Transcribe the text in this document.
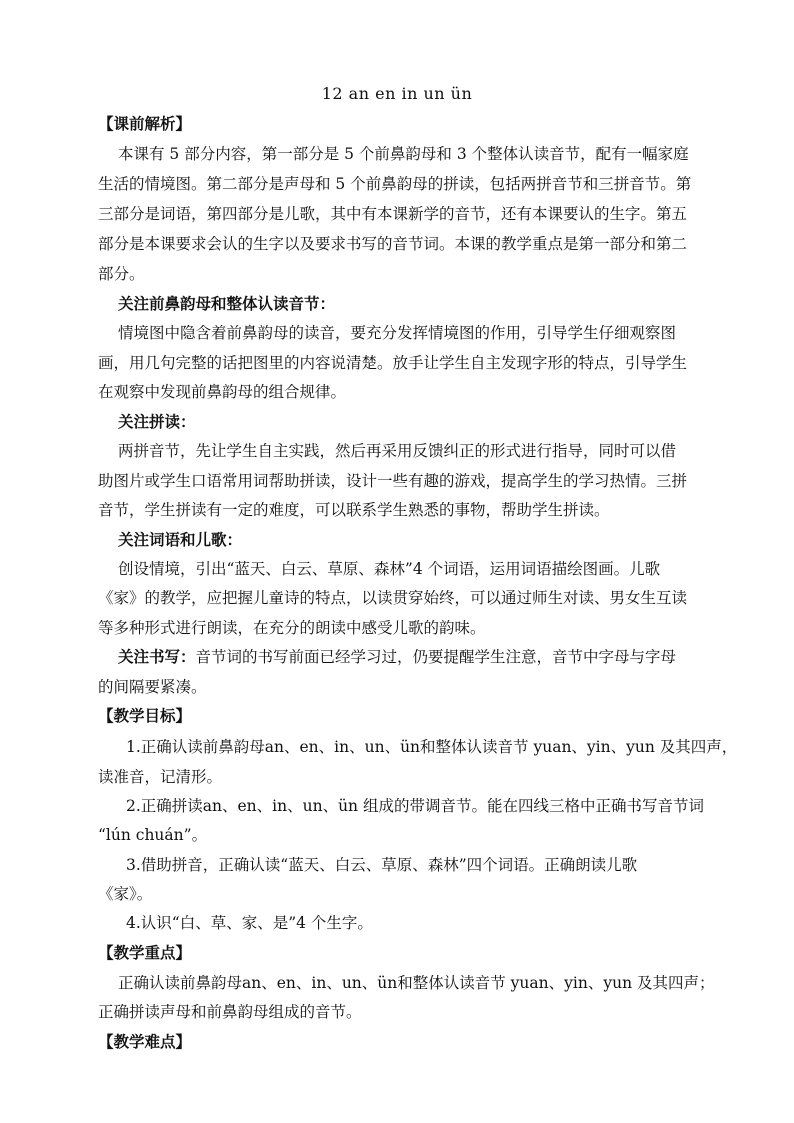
12 an en in un ün
【课前解析】
本课有 5 部分内容，第一部分是 5 个前鼻韵母和 3 个整体认读音节，配有一幅家庭
生活的情境图。第二部分是声母和 5 个前鼻韵母的拼读，包括两拼音节和三拼音节。第
三部分是词语，第四部分是儿歌，其中有本课新学的音节，还有本课要认的生字。第五
部分是本课要求会认的生字以及要求书写的音节词。本课的教学重点是第一部分和第二
部分。
关注前鼻韵母和整体认读音节：
情境图中隐含着前鼻韵母的读音，要充分发挥情境图的作用，引导学生仔细观察图
画，用几句完整的话把图里的内容说清楚。放手让学生自主发现字形的特点，引导学生
在观察中发现前鼻韵母的组合规律。
关注拼读：
两拼音节，先让学生自主实践，然后再采用反馈纠正的形式进行指导，同时可以借
助图片或学生口语常用词帮助拼读，设计一些有趣的游戏，提高学生的学习热情。三拼
音节，学生拼读有一定的难度，可以联系学生熟悉的事物，帮助学生拼读。
关注词语和儿歌：
创设情境，引出“蓝天、白云、草原、森林”4 个词语，运用词语描绘图画。儿歌
《家》的教学，应把握儿童诗的特点，以读贯穿始终，可以通过师生对读、男女生互读
等多种形式进行朗读，在充分的朗读中感受儿歌的韵味。
关注书写：音节词的书写前面已经学习过，仍要提醒学生注意，音节中字母与字母
的间隔要紧凑。
【教学目标】
1.正确认读前鼻韵母an、en、in、un、ün和整体认读音节 yuan、yin、yun 及其四声，
读准音，记清形。
2.正确拼读an、en、in、un、ün 组成的带调音节。能在四线三格中正确书写音节词
“lún chuán”。
3.借助拼音，正确认读“蓝天、白云、草原、森林”四个词语。正确朗读儿歌
《家》。
4.认识“白、草、家、是”4 个生字。
【教学重点】
正确认读前鼻韵母an、en、in、un、ün和整体认读音节 yuan、yin、yun 及其四声；
正确拼读声母和前鼻韵母组成的音节。
【教学难点】
